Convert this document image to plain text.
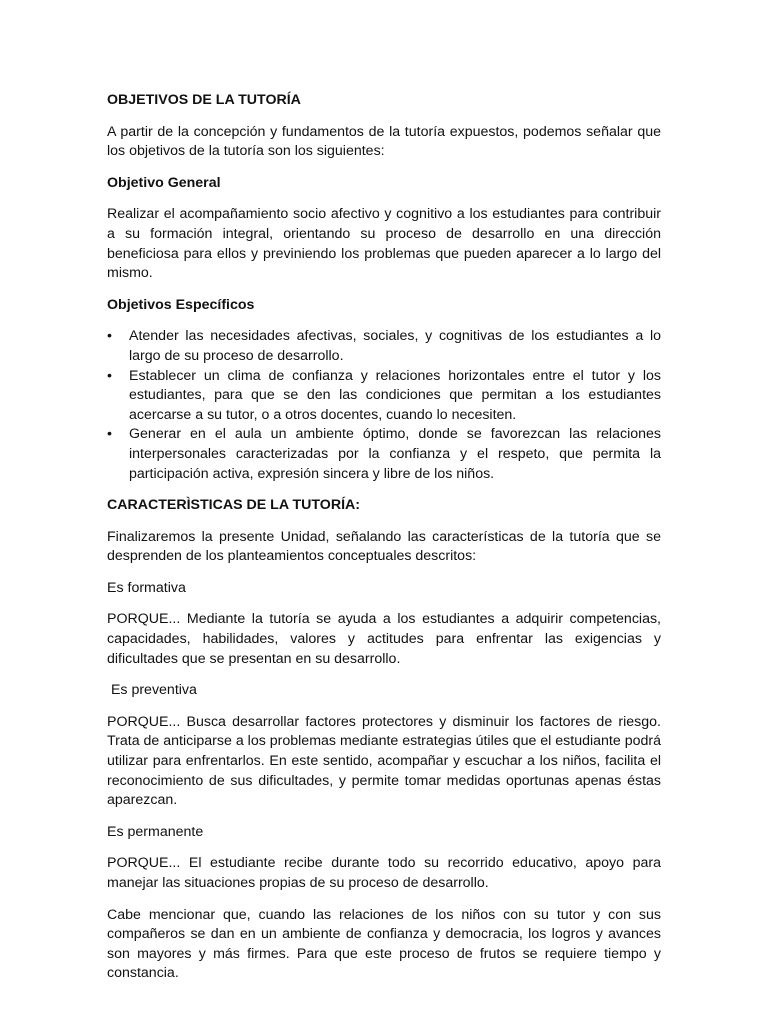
OBJETIVOS DE LA TUTORÍA

A partir de la concepción y fundamentos de la tutoría expuestos, podemos señalar que los objetivos de la tutoría son los siguientes:

Objetivo General

Realizar el acompañamiento socio afectivo y cognitivo a los estudiantes para contribuir a su formación integral, orientando su proceso de desarrollo en una dirección beneficiosa para ellos y previniendo los problemas que pueden aparecer a lo largo del mismo.

Objetivos Específicos
• Atender las necesidades afectivas, sociales, y cognitivas de los estudiantes a lo largo de su proceso de desarrollo.
• Establecer un clima de confianza y relaciones horizontales entre el tutor y los estudiantes, para que se den las condiciones que permitan a los estudiantes acercarse a su tutor, o a otros docentes, cuando lo necesiten.
• Generar en el aula un ambiente óptimo, donde se favorezcan las relaciones interpersonales caracterizadas por la confianza y el respeto, que permita la participación activa, expresión sincera y libre de los niños.
CARACTERÌSTICAS DE LA TUTORÍA:

Finalizaremos la presente Unidad, señalando las características de la tutoría que se desprenden de los planteamientos conceptuales descritos:

Es formativa

PORQUE... Mediante la tutoría se ayuda a los estudiantes a adquirir competencias, capacidades, habilidades, valores y actitudes para enfrentar las exigencias y dificultades que se presentan en su desarrollo.

Es preventiva

PORQUE... Busca desarrollar factores protectores y disminuir los factores de riesgo. Trata de anticiparse a los problemas mediante estrategias útiles que el estudiante podrá utilizar para enfrentarlos. En este sentido, acompañar y escuchar a los niños, facilita el reconocimiento de sus dificultades, y permite tomar medidas oportunas apenas éstas aparezcan.

Es permanente

PORQUE... El estudiante recibe durante todo su recorrido educativo, apoyo para manejar las situaciones propias de su proceso de desarrollo.

Cabe mencionar que, cuando las relaciones de los niños con su tutor y con sus compañeros se dan en un ambiente de confianza y democracia, los logros y avances son mayores y más firmes. Para que este proceso de frutos se requiere tiempo y constancia.
